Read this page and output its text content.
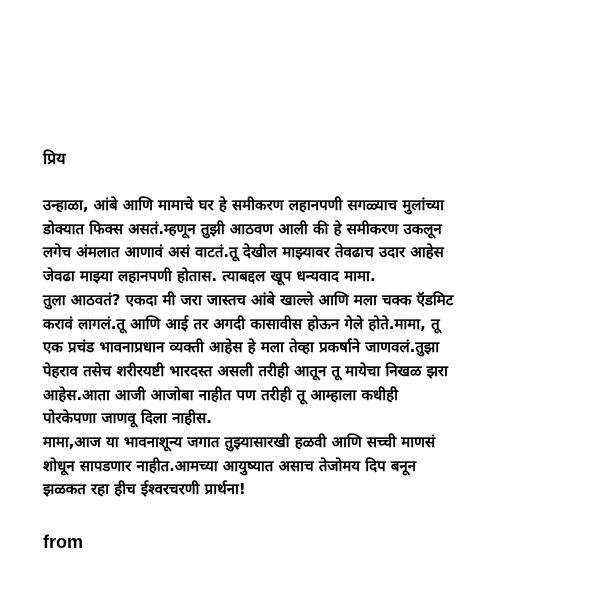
प्रिय

उन्हाळा, आंबे आणि मामाचे घर हे समीकरण लहानपणी सगळ्याच मुलांच्या
डोक्यात फिक्स असतं.म्हणून तुझी आठवण आली की हे समीकरण उकलून
लगेच अंमलात आणावं असं वाटतं.तू देखील माझ्यावर तेवढाच उदार आहेस
जेवढा माझ्या लहानपणी होतास. त्याबद्दल खूप धन्यवाद मामा.
तुला आठवतं? एकदा मी जरा जास्तच आंबे खाल्ले आणि मला चक्क ऍडमिट
करावं लागलं.तू आणि आई तर अगदी कासावीस होऊन गेले होते.मामा, तू
एक प्रचंड भावनाप्रधान व्यक्ती आहेस हे मला तेव्हा प्रकर्षाने जाणवलं.तुझा
पेहराव तसेच शरीरयष्टी भारदस्त असली तरीही आतून तू मायेचा निखळ झरा
आहेस.आता आजी आजोबा नाहीत पण तरीही तू आम्हाला कधीही
पोरकेपणा जाणवू दिला नाहीस.
मामा,आज या भावनाशून्य जगात तुझ्यासारखी हळवी आणि सच्ची माणसं
शोधून सापडणार नाहीत.आमच्या आयुष्यात असाच तेजोमय दिप बनून
झळकत रहा हीच ईश्वरचरणी प्रार्थना!

from
